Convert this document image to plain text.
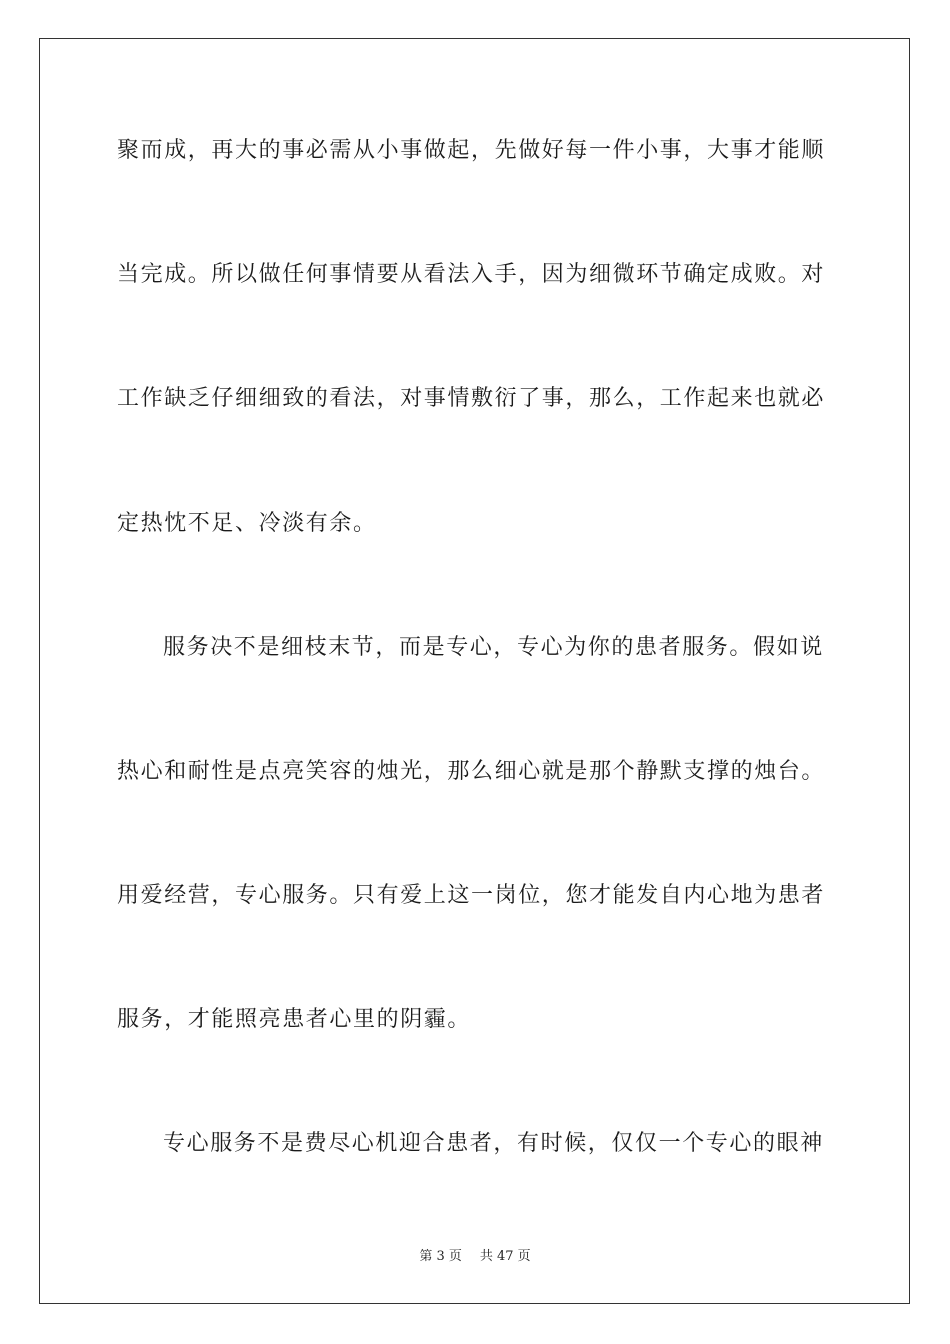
聚而成，再大的事必需从小事做起，先做好每一件小事，大事才能顺
当完成。所以做任何事情要从看法入手，因为细微环节确定成败。对
工作缺乏仔细细致的看法，对事情敷衍了事，那么，工作起来也就必
定热忱不足、冷淡有余。
服务决不是细枝末节，而是专心，专心为你的患者服务。假如说
热心和耐性是点亮笑容的烛光，那么细心就是那个静默支撑的烛台。
用爱经营，专心服务。只有爱上这一岗位，您才能发自内心地为患者
服务，才能照亮患者心里的阴霾。
专心服务不是费尽心机迎合患者，有时候，仅仅一个专心的眼神
第 3 页 共 47 页
